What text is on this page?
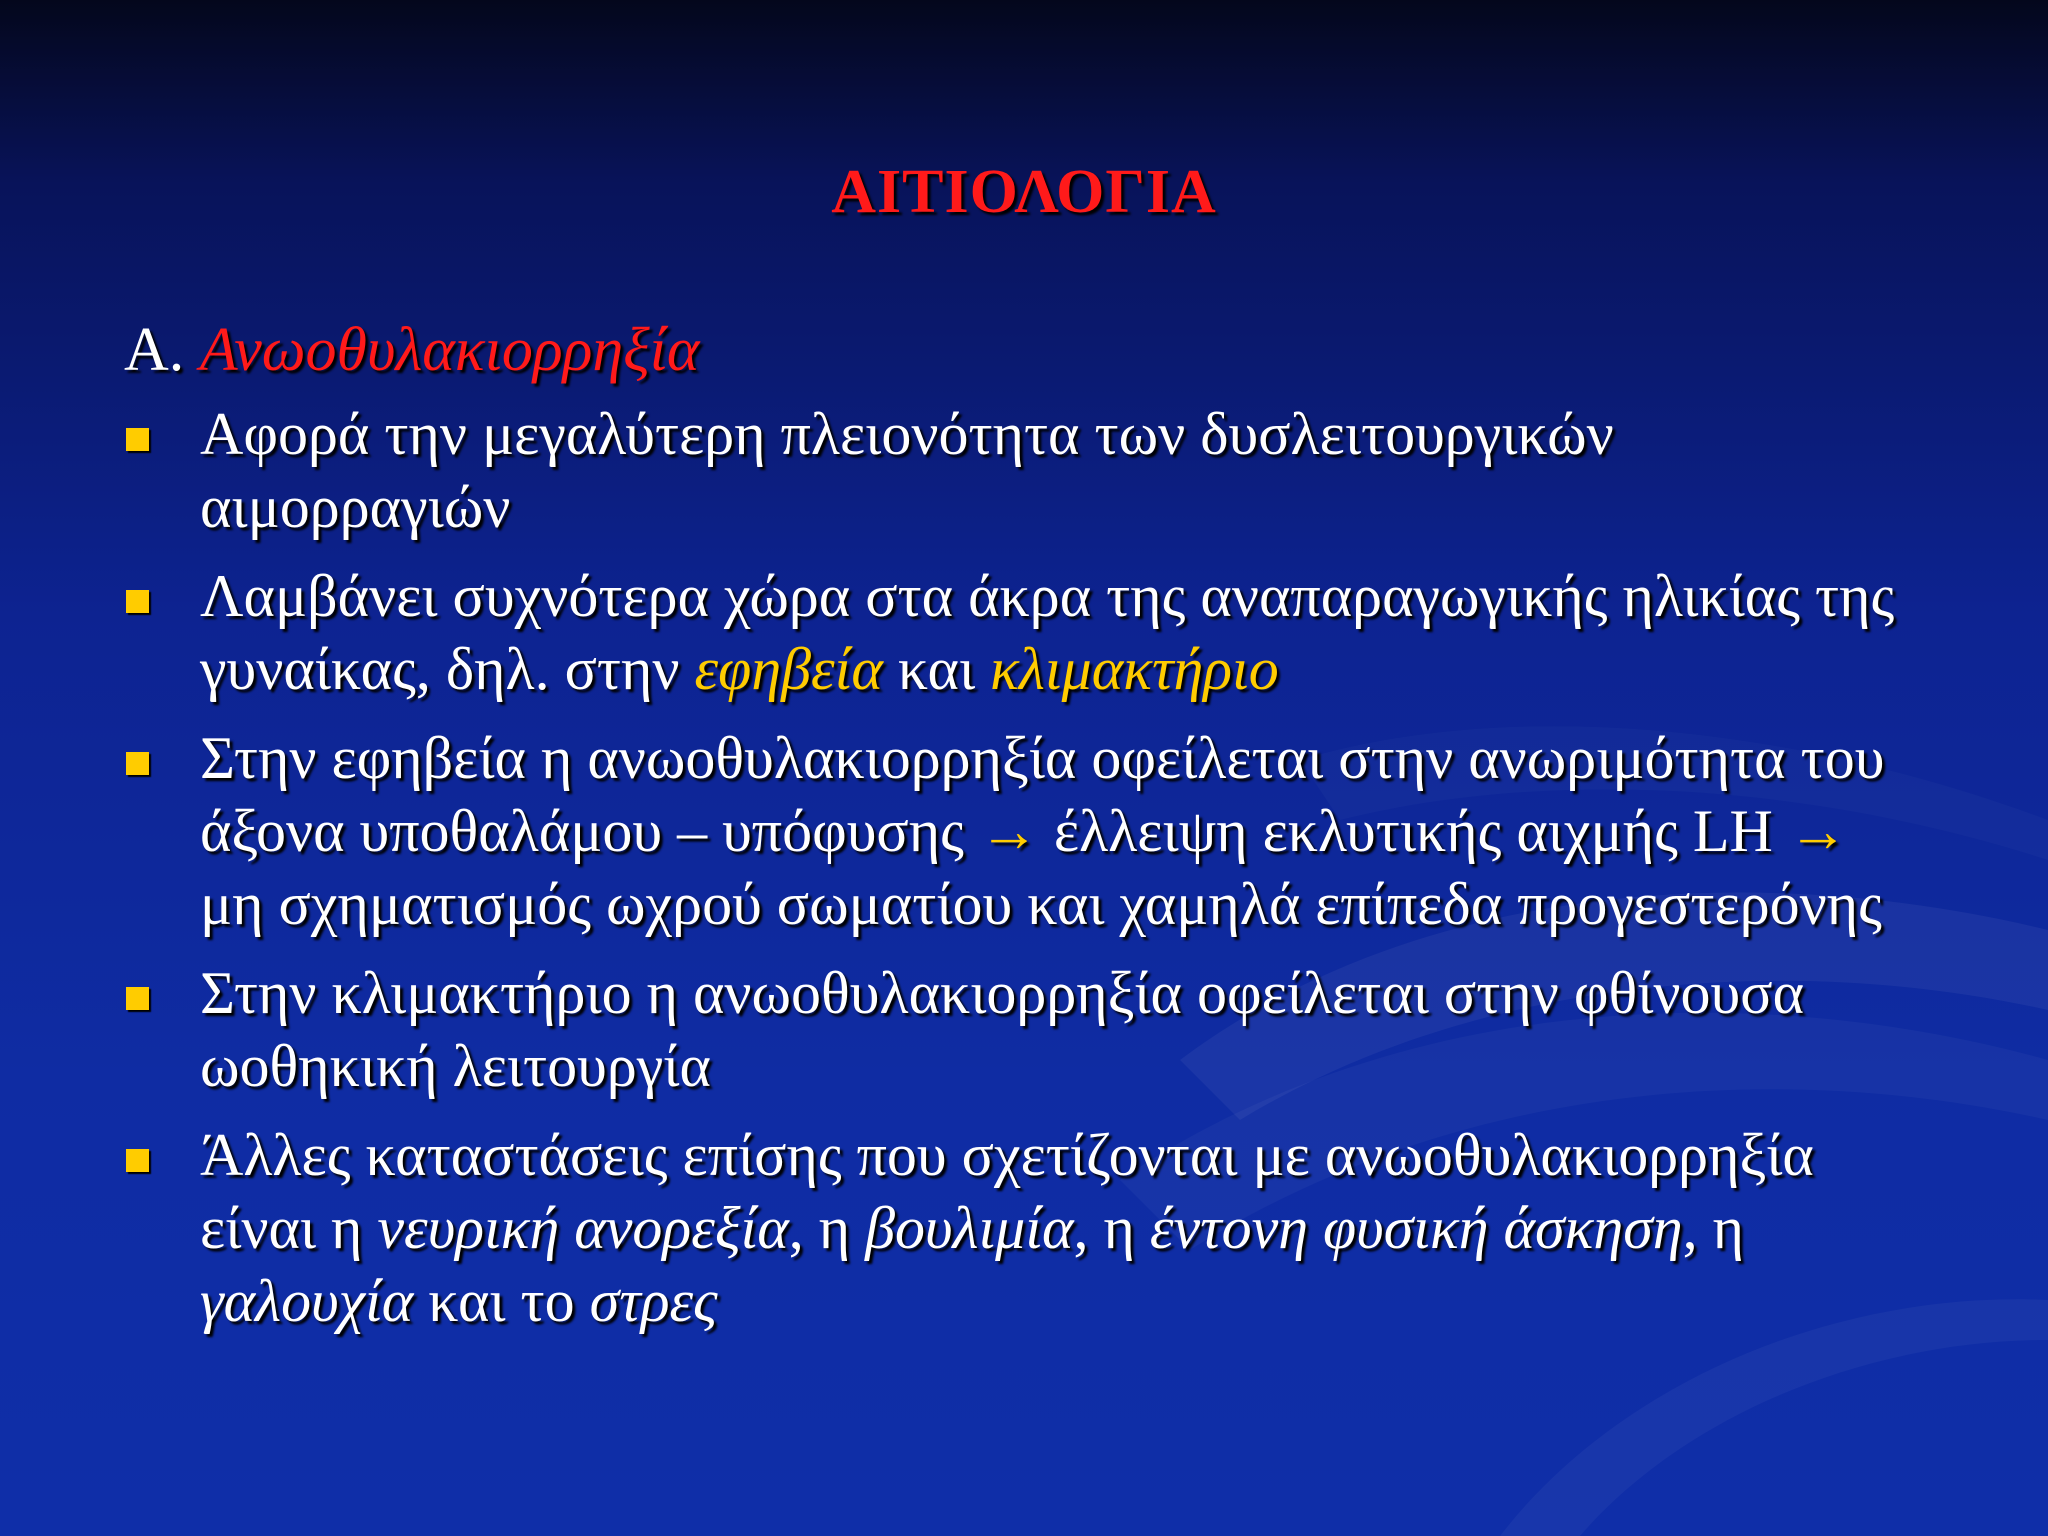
ΑΙΤΙΟΛΟΓΙΑ
Α. Ανωοθυλακιορρηξία
Αφορά την μεγαλύτερη πλειονότητα των δυσλειτουργικών αιμορραγιών
Λαμβάνει συχνότερα χώρα στα άκρα της αναπαραγωγικής ηλικίας της γυναίκας, δηλ. στην εφηβεία και κλιμακτήριο
Στην εφηβεία η ανωοθυλακιορρηξία οφείλεται στην ανωριμότητα του άξονα υποθαλάμου – υπόφυσης → έλλειψη εκλυτικής αιχμής LH → μη σχηματισμός ωχρού σωματίου και χαμηλά επίπεδα προγεστερόνης
Στην κλιμακτήριο η ανωοθυλακιορρηξία οφείλεται στην φθίνουσα ωοθηκική λειτουργία
Άλλες καταστάσεις επίσης που σχετίζονται με ανωοθυλακιορρηξία είναι η νευρική ανορεξία, η βουλιμία, η έντονη φυσική άσκηση, η γαλουχία και το στρες
